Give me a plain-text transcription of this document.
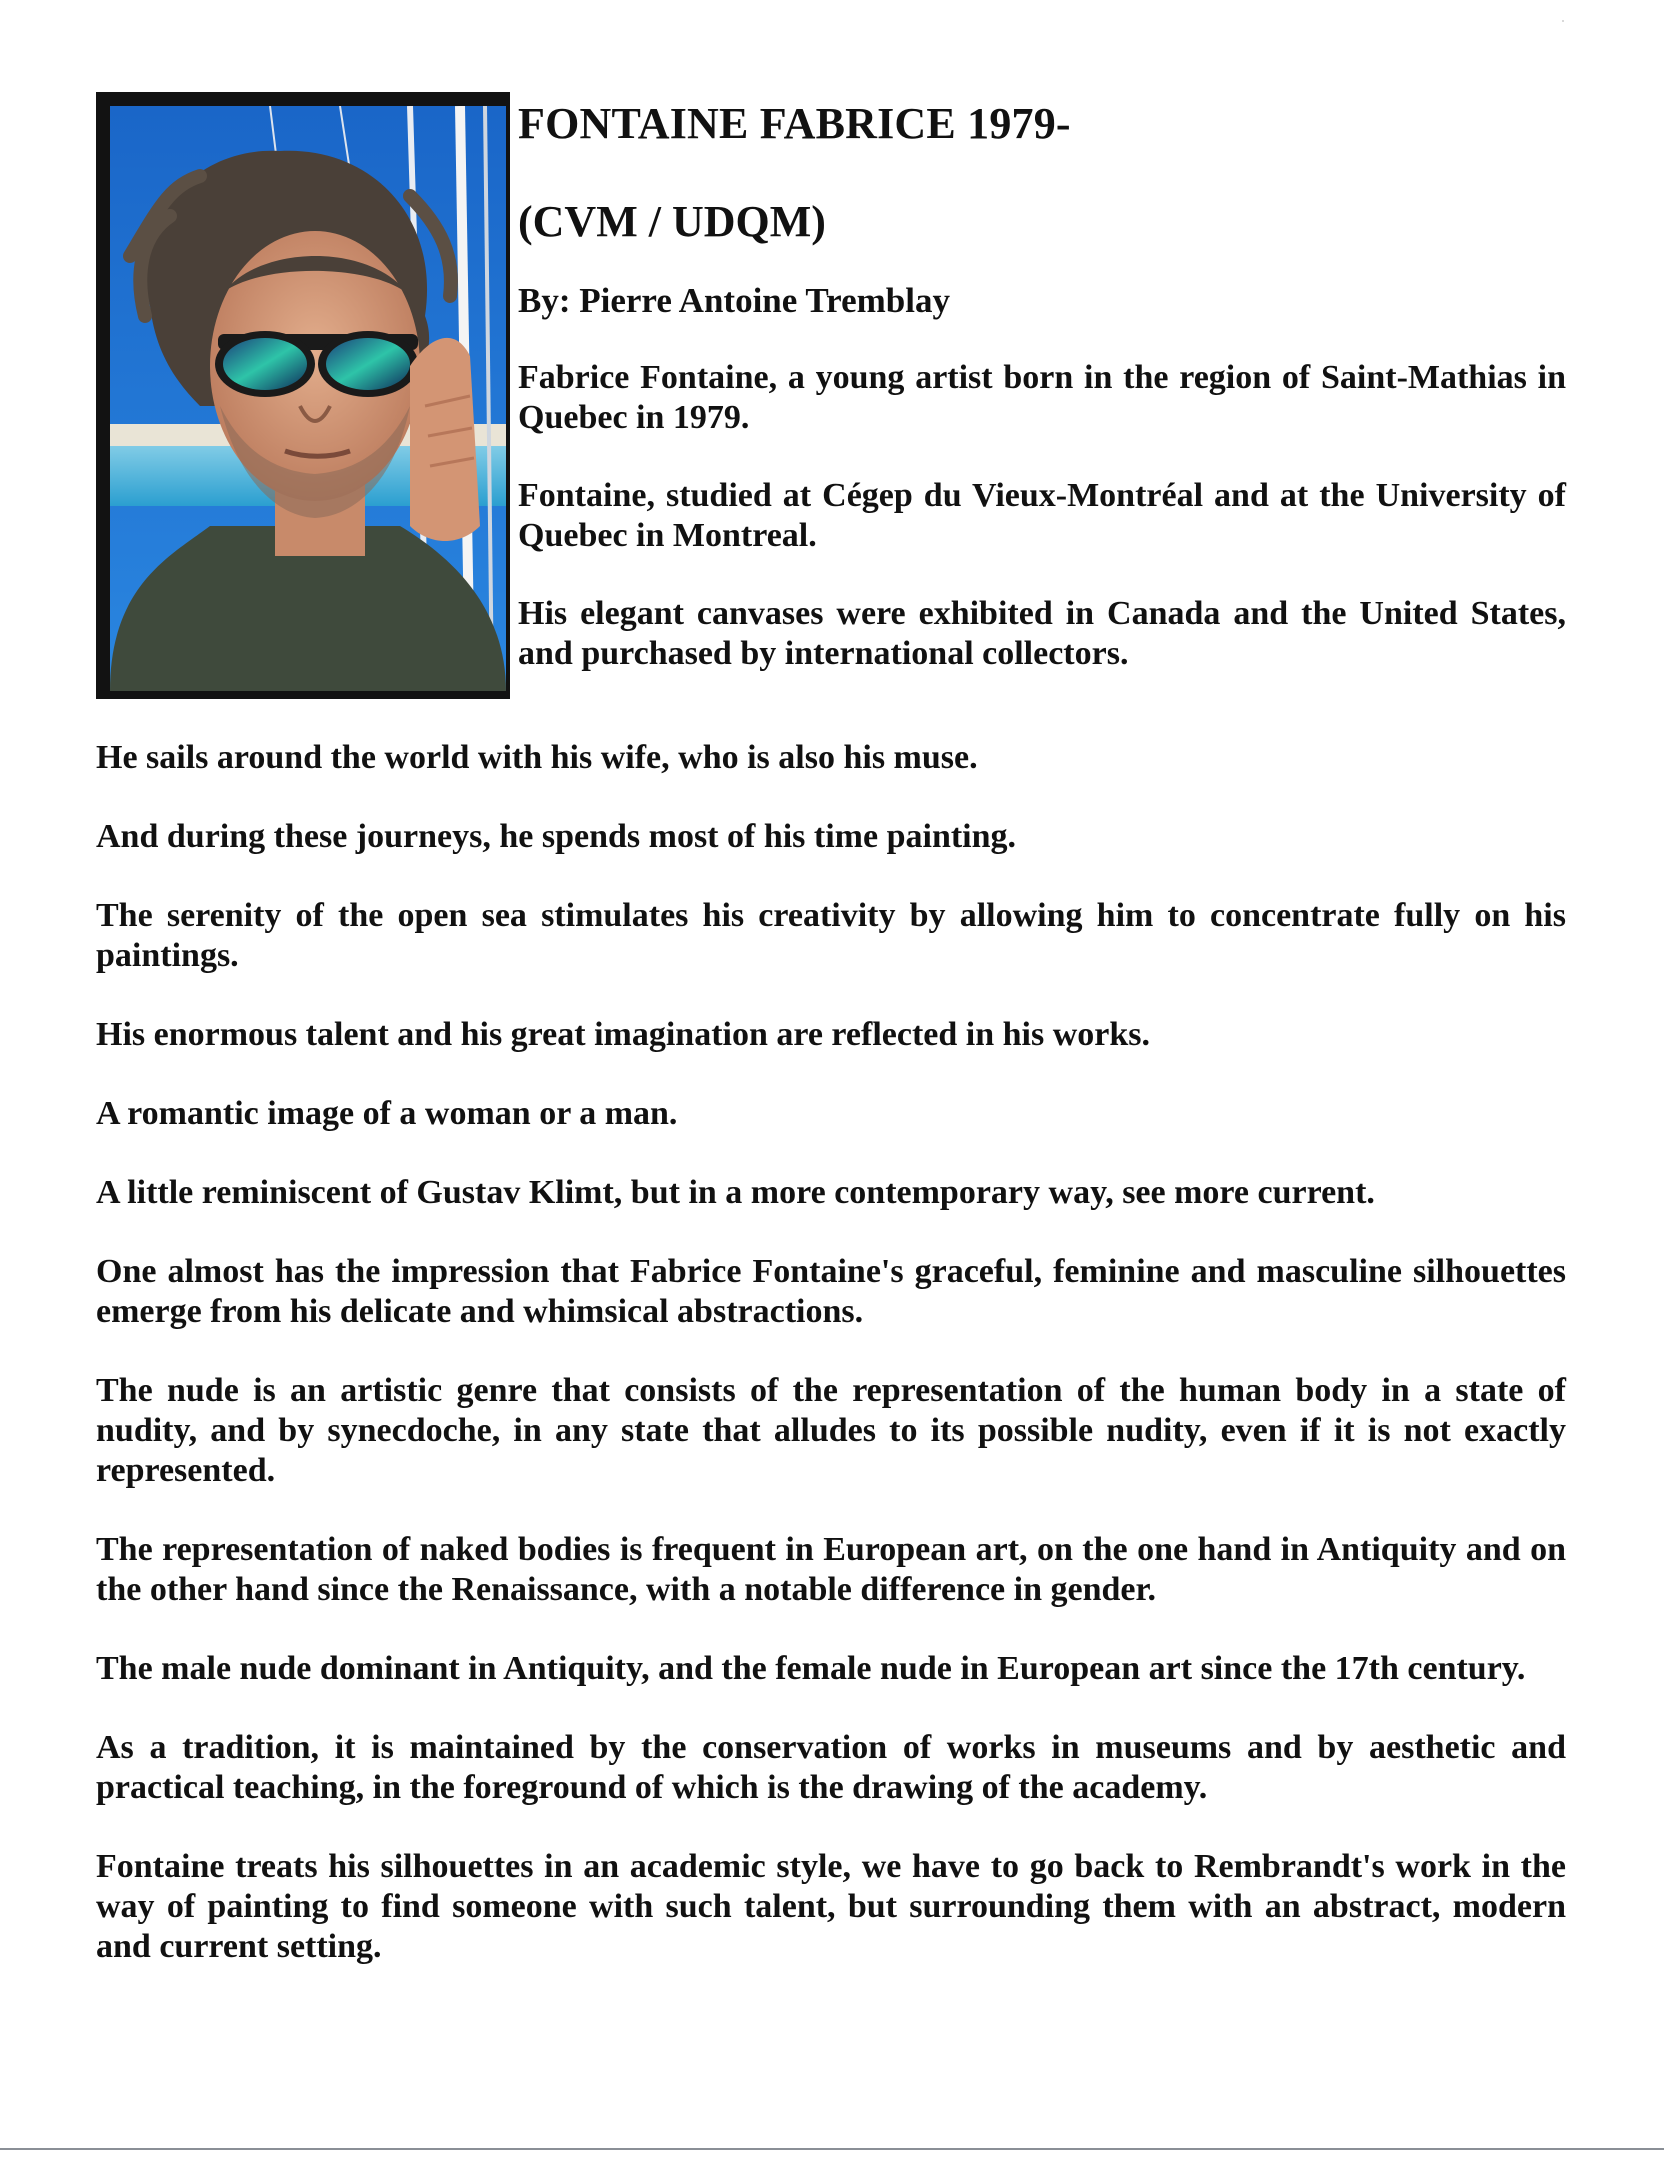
FONTAINE FABRICE 1979-
(CVM / UDQM)
By: Pierre Antoine Tremblay

Fabrice Fontaine, a young artist born in the region of Saint-Mathias in Quebec in 1979.

Fontaine, studied at Cégep du Vieux-Montréal and at the University of Quebec in Montreal.

His elegant canvases were exhibited in Canada and the United States, and purchased by international collectors.

He sails around the world with his wife, who is also his muse.

And during these journeys, he spends most of his time painting.

The serenity of the open sea stimulates his creativity by allowing him to concentrate fully on his paintings.

His enormous talent and his great imagination are reflected in his works.

A romantic image of a woman or a man.

A little reminiscent of Gustav Klimt, but in a more contemporary way, see more current.

One almost has the impression that Fabrice Fontaine's graceful, feminine and masculine silhouettes emerge from his delicate and whimsical abstractions.

The nude is an artistic genre that consists of the representation of the human body in a state of nudity, and by synecdoche, in any state that alludes to its possible nudity, even if it is not exactly represented.

The representation of naked bodies is frequent in European art, on the one hand in Antiquity and on the other hand since the Renaissance, with a notable difference in gender.

The male nude dominant in Antiquity, and the female nude in European art since the 17th century.

As a tradition, it is maintained by the conservation of works in museums and by aesthetic and practical teaching, in the foreground of which is the drawing of the academy.

Fontaine treats his silhouettes in an academic style, we have to go back to Rembrandt's work in the way of painting to find someone with such talent, but surrounding them with an abstract, modern and current setting.
